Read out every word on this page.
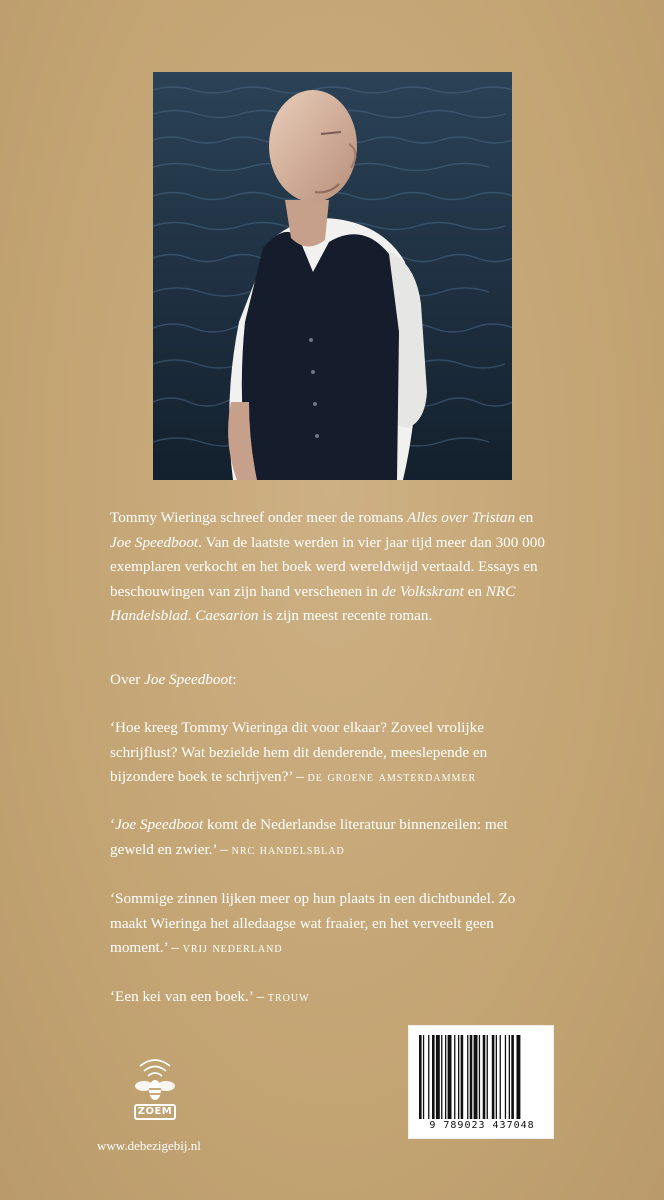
Tommy Wieringa schreef onder meer de romans Alles over Tristan en Joe Speedboot. Van de laatste werden in vier jaar tijd meer dan 300 000 exemplaren verkocht en het boek werd wereldwijd vertaald. Essays en beschouwingen van zijn hand verschenen in de Volkskrant en NRC Handelsblad. Caesarion is zijn meest recente roman.

Over Joe Speedboot:

‘Hoe kreeg Tommy Wieringa dit voor elkaar? Zoveel vrolijke schrijflust? Wat bezielde hem dit denderende, meeslepende en bijzondere boek te schrijven?’ – de groene amsterdammer

‘Joe Speedboot komt de Nederlandse literatuur binnenzeilen: met geweld en zwier.’ – nrc handelsblad

‘Sommige zinnen lijken meer op hun plaats in een dichtbundel. Zo maakt Wieringa het alledaagse wat fraaier, en het verveelt geen moment.’ – vrij nederland

‘Een kei van een boek.’ – trouw

ZOEM
www.debezigebij.nl
9 789023 437048
